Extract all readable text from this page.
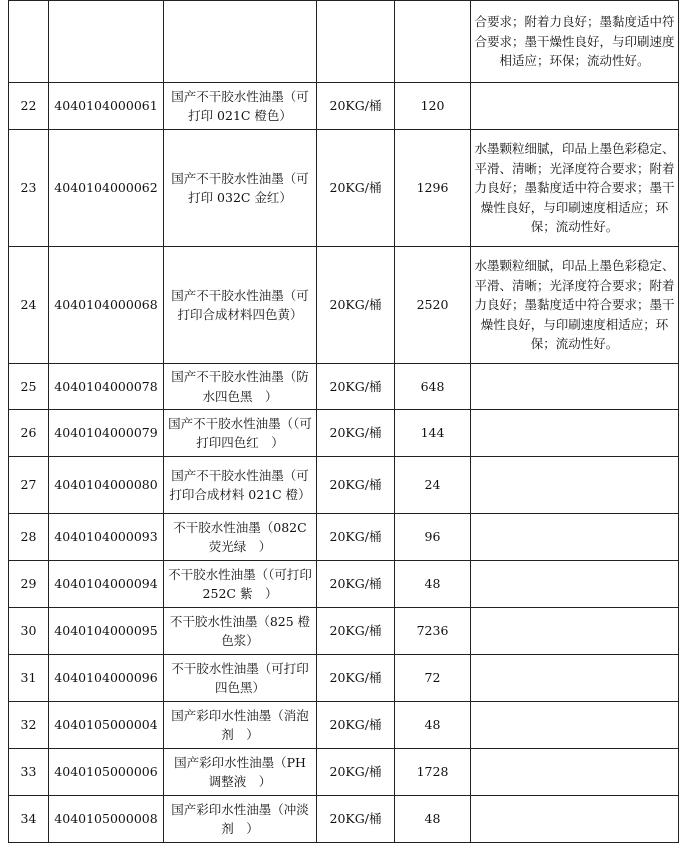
					合要求；附着力良好；墨黏度适中符合要求；墨干燥性良好，与印刷速度相适应；环保；流动性好。
22	4040104000061	国产不干胶水性油墨（可打印 021C 橙色）	20KG/桶	120	
23	4040104000062	国产不干胶水性油墨（可打印 032C 金红）	20KG/桶	1296	水墨颗粒细腻，印品上墨色彩稳定、平滑、清晰；光泽度符合要求；附着力良好；墨黏度适中符合要求；墨干燥性良好，与印刷速度相适应；环保；流动性好。
24	4040104000068	国产不干胶水性油墨（可打印合成材料四色黄）	20KG/桶	2520	水墨颗粒细腻，印品上墨色彩稳定、平滑、清晰；光泽度符合要求；附着力良好；墨黏度适中符合要求；墨干燥性良好，与印刷速度相适应；环保；流动性好。
25	4040104000078	国产不干胶水性油墨（防水四色黑　）	20KG/桶	648	
26	4040104000079	国产不干胶水性油墨（（可打印四色红　）	20KG/桶	144	
27	4040104000080	国产不干胶水性油墨（可打印合成材料 021C 橙）	20KG/桶	24	
28	4040104000093	不干胶水性油墨（082C 荧光绿　）	20KG/桶	96	
29	4040104000094	不干胶水性油墨（（可打印 252C 紫　）	20KG/桶	48	
30	4040104000095	不干胶水性油墨（825 橙色浆）	20KG/桶	7236	
31	4040104000096	不干胶水性油墨（可打印四色黑）	20KG/桶	72	
32	4040105000004	国产彩印水性油墨（消泡剂　）	20KG/桶	48	
33	4040105000006	国产彩印水性油墨（PH 调整液　）	20KG/桶	1728	
34	4040105000008	国产彩印水性油墨（冲淡剂　）	20KG/桶	48	
